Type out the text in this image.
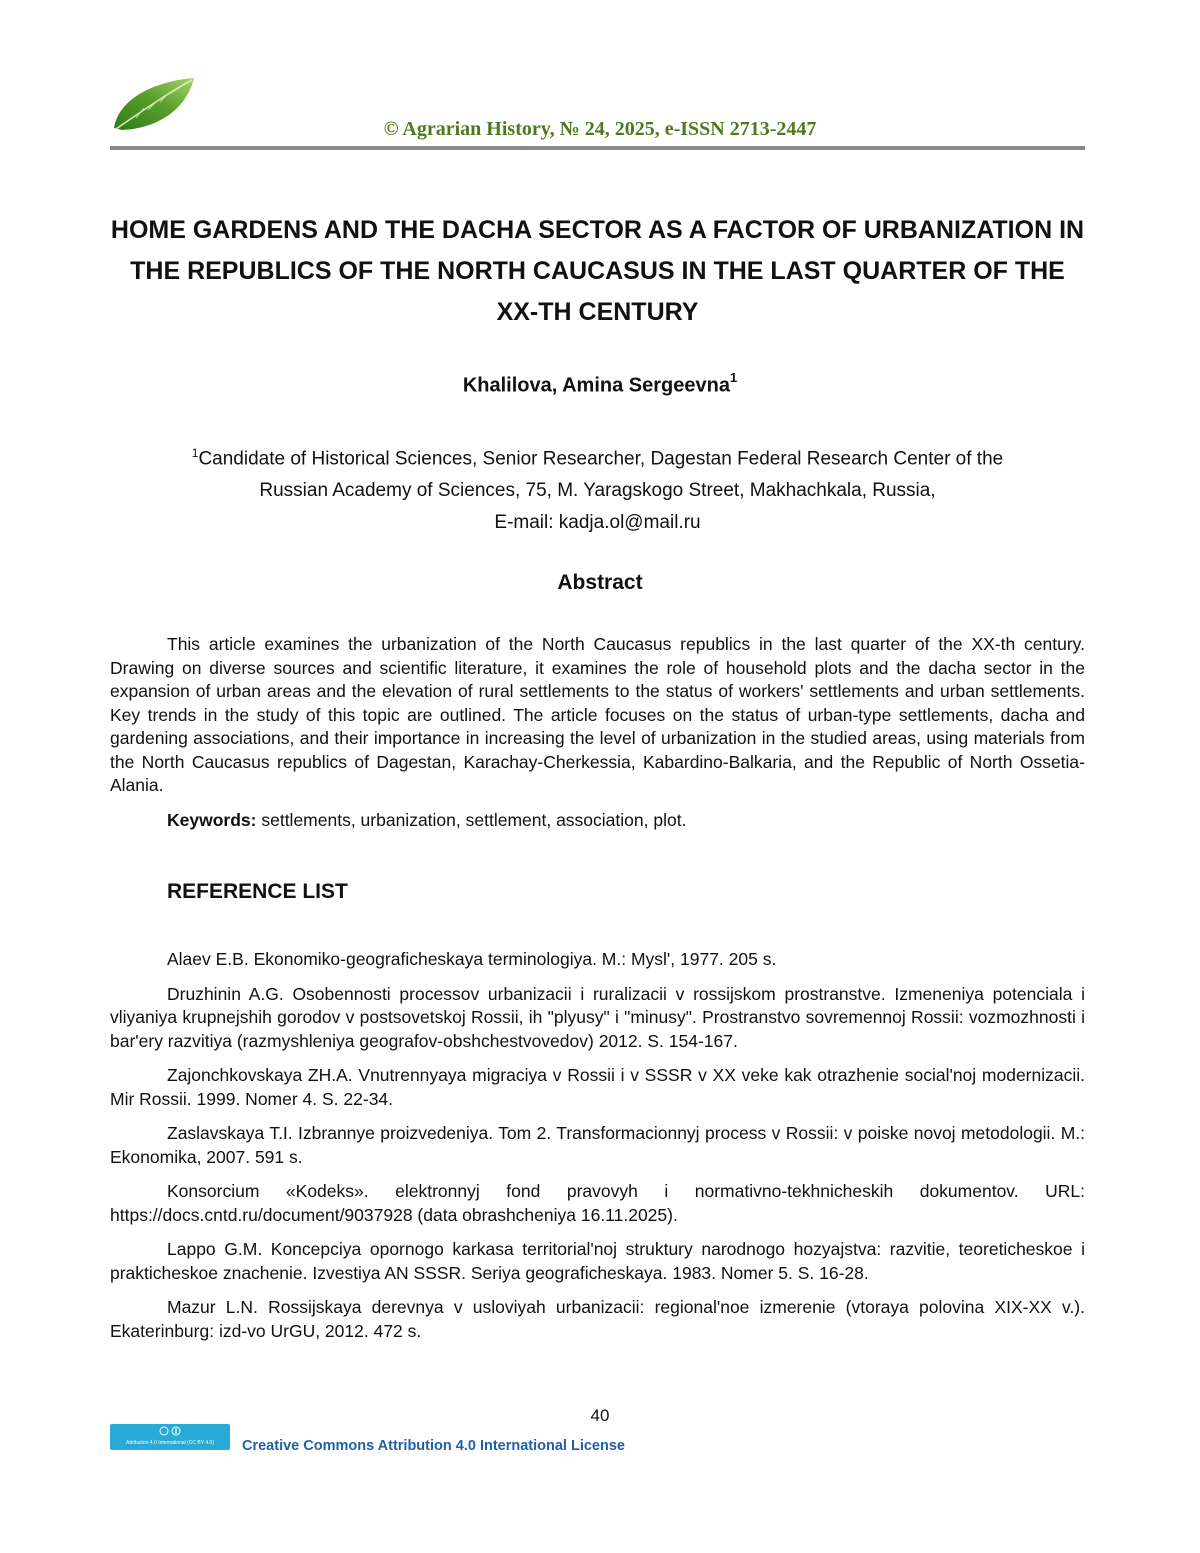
© Agrarian History, № 24, 2025, e-ISSN 2713-2447
HOME GARDENS AND THE DACHA SECTOR AS A FACTOR OF URBANIZATION IN THE REPUBLICS OF THE NORTH CAUCASUS IN THE LAST QUARTER OF THE XX-TH CENTURY
Khalilova, Amina Sergeevna$^1$
$^1$Candidate of Historical Sciences, Senior Researcher, Dagestan Federal Research Center of the
Russian Academy of Sciences, 75, M. Yaragskogo Street, Makhachkala, Russia,
E-mail: kadja.ol@mail.ru
Abstract

This article examines the urbanization of the North Caucasus republics in the last quarter of the XX-th century. Drawing on diverse sources and scientific literature, it examines the role of household plots and the dacha sector in the expansion of urban areas and the elevation of rural settlements to the status of workers' settlements and urban settlements. Key trends in the study of this topic are outlined. The article focuses on the status of urban-type settlements, dacha and gardening associations, and their importance in increasing the level of urbanization in the studied areas, using materials from the North Caucasus republics of Dagestan, Karachay-Cherkessia, Kabardino-Balkaria, and the Republic of North Ossetia-Alania.

Keywords: settlements, urbanization, settlement, association, plot.
REFERENCE LIST

Alaev E.B. Ekonomiko-geograficheskaya terminologiya. M.: Mysl', 1977. 205 s.

Druzhinin A.G. Osobennosti processov urbanizacii i ruralizacii v rossijskom prostranstve. Izmeneniya potenciala i vliyaniya krupnejshih gorodov v postsovetskoj Rossii, ih "plyusy" i "minusy". Prostranstvo sovremennoj Rossii: vozmozhnosti i bar'ery razvitiya (razmyshleniya geografov-obshchestvovedov) 2012. S. 154-167.

Zajonchkovskaya ZH.A. Vnutrennyaya migraciya v Rossii i v SSSR v XX veke kak otrazhenie social'noj modernizacii. Mir Rossii. 1999. Nomer 4. S. 22-34.

Zaslavskaya T.I. Izbrannye proizvedeniya. Tom 2. Transformacionnyj process v Rossii: v poiske novoj metodologii. M.: Ekonomika, 2007. 591 s.

Konsorcium «Kodeks». elektronnyj fond pravovyh i normativno-tekhnicheskih dokumentov. URL: https://docs.cntd.ru/document/9037928 (data obrashcheniya 16.11.2025).

Lappo G.M. Koncepciya opornogo karkasa territorial'noj struktury narodnogo hozyajstva: razvitie, teoreticheskoe i prakticheskoe znachenie. Izvestiya AN SSSR. Seriya geograficheskaya. 1983. Nomer 5. S. 16-28.

Mazur L.N. Rossijskaya derevnya v usloviyah urbanizacii: regional'noe izmerenie (vtoraya polovina XIX-XX v.). Ekaterinburg: izd-vo UrGU, 2012. 472 s.

40
Attribution 4.0 International (CC BY 4.0)	Creative Commons Attribution 4.0 International License
